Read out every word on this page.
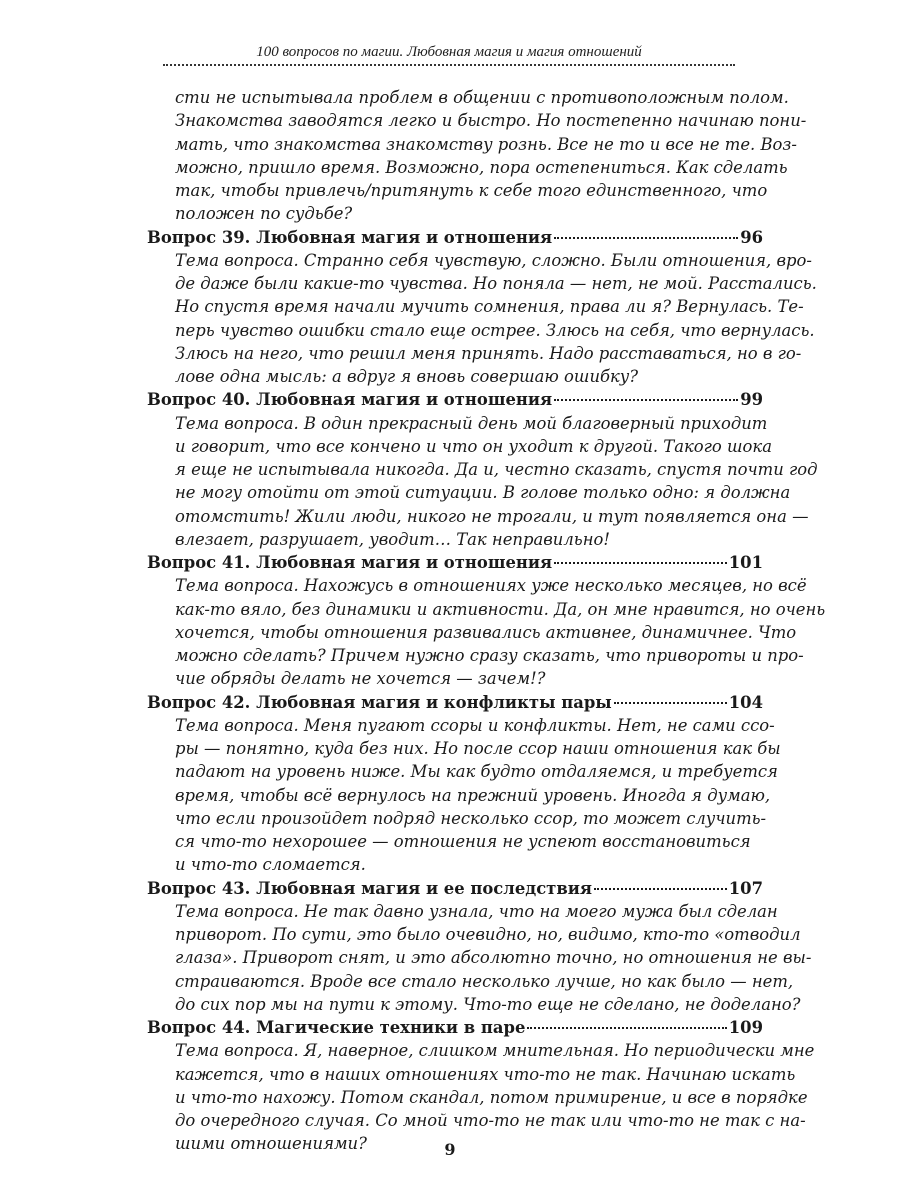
100 вопросов по магии. Любовная магия и магия отношений
сти не испытывала проблем в общении с противоположным полом.
Знакомства заводятся легко и быстро. Но постепенно начинаю пони-
мать, что знакомства знакомству рознь. Все не то и все не те. Воз-
можно, пришло время. Возможно, пора остепениться. Как сделать
так, чтобы привлечь/притянуть к себе того единственного, что
положен по судьбе?
Вопрос 39. Любовная магия и отношения	96
Тема вопроса. Странно себя чувствую, сложно. Были отношения, вро-
де даже были какие-то чувства. Но поняла — нет, не мой. Расстались.
Но спустя время начали мучить сомнения, права ли я? Вернулась. Те-
перь чувство ошибки стало еще острее. Злюсь на себя, что вернулась.
Злюсь на него, что решил меня принять. Надо расставаться, но в го-
лове одна мысль: а вдруг я вновь совершаю ошибку?
Вопрос 40. Любовная магия и отношения	99
Тема вопроса. В один прекрасный день мой благоверный приходит
и говорит, что все кончено и что он уходит к другой. Такого шока
я еще не испытывала никогда. Да и, честно сказать, спустя почти год
не могу отойти от этой ситуации. В голове только одно: я должна
отомстить! Жили люди, никого не трогали, и тут появляется она —
влезает, разрушает, уводит… Так неправильно!
Вопрос 41. Любовная магия и отношения	101
Тема вопроса. Нахожусь в отношениях уже несколько месяцев, но всё
как-то вяло, без динамики и активности. Да, он мне нравится, но очень
хочется, чтобы отношения развивались активнее, динамичнее. Что
можно сделать? Причем нужно сразу сказать, что привороты и про-
чие обряды делать не хочется — зачем!?
Вопрос 42. Любовная магия и конфликты пары	104
Тема вопроса. Меня пугают ссоры и конфликты. Нет, не сами ссо-
ры — понятно, куда без них. Но после ссор наши отношения как бы
падают на уровень ниже. Мы как будто отдаляемся, и требуется
время, чтобы всё вернулось на прежний уровень. Иногда я думаю,
что если произойдет подряд несколько ссор, то может случить-
ся что-то нехорошее — отношения не успеют восстановиться
и что-то сломается.
Вопрос 43. Любовная магия и ее последствия	107
Тема вопроса. Не так давно узнала, что на моего мужа был сделан
приворот. По сути, это было очевидно, но, видимо, кто-то «отводил
глаза». Приворот снят, и это абсолютно точно, но отношения не вы-
страиваются. Вроде все стало несколько лучше, но как было — нет,
до сих пор мы на пути к этому. Что-то еще не сделано, не доделано?
Вопрос 44. Магические техники в паре	109
Тема вопроса. Я, наверное, слишком мнительная. Но периодически мне
кажется, что в наших отношениях что-то не так. Начинаю искать
и что-то нахожу. Потом скандал, потом примирение, и все в порядке
до очередного случая. Со мной что-то не так или что-то не так с на-
шими отношениями?	9
